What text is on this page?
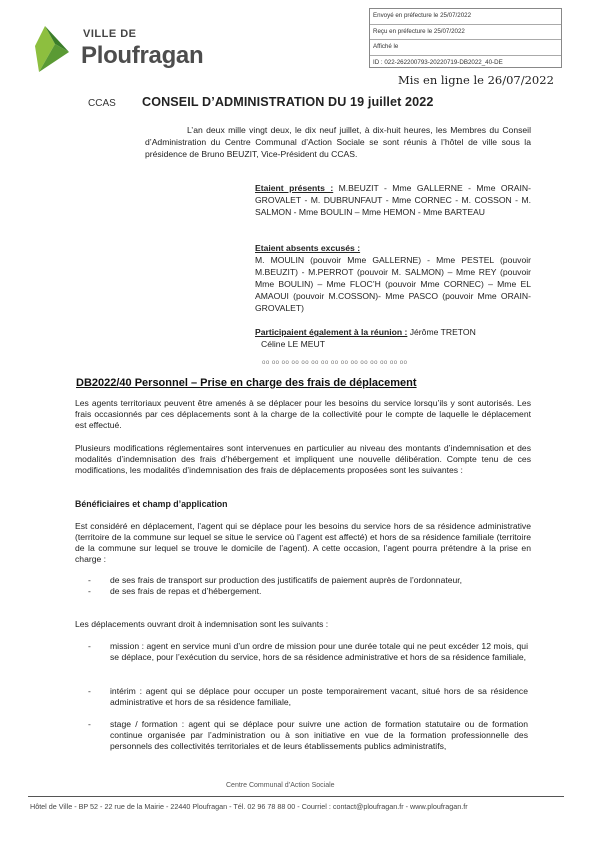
VILLE DE
Ploufragan
Envoyé en préfecture le 25/07/2022
Reçu en préfecture le 25/07/2022
Affiché le
ID : 022-262200793-20220719-DB2022_40-DE
Mis en ligne le 26/07/2022
CCAS CONSEIL D’ADMINISTRATION DU 19 juillet 2022

L’an deux mille vingt deux, le dix neuf juillet, à dix-huit heures, les Membres du Conseil d’Administration du Centre Communal d’Action Sociale se sont réunis à l’hôtel de ville sous la présidence de Bruno BEUZIT, Vice-Président du CCAS.

Etaient présents : M.BEUZIT - Mme GALLERNE - Mme ORAIN-GROVALET - M. DUBRUNFAUT - Mme CORNEC - M. COSSON - M. SALMON - Mme BOULIN – Mme HEMON - Mme BARTEAU
Etaient absents excusés :
M. MOULIN (pouvoir Mme GALLERNE) - Mme PESTEL (pouvoir M.BEUZIT) - M.PERROT (pouvoir M. SALMON) – Mme REY (pouvoir Mme BOULIN) – Mme FLOC’H (pouvoir Mme CORNEC) – Mme EL AMAOUI (pouvoir M.COSSON)- Mme PASCO (pouvoir Mme ORAIN-GROVALET)
Participaient également à la réunion : Jérôme TRETON
Céline LE MEUT
oo oo oo oo oo oo oo oo oo oo oo oo oo oo oo
DB2022/40 Personnel – Prise en charge des frais de déplacement

Les agents territoriaux peuvent être amenés à se déplacer pour les besoins du service lorsqu’ils y sont autorisés. Les frais occasionnés par ces déplacements sont à la charge de la collectivité pour le compte de laquelle le déplacement est effectué.

Plusieurs modifications réglementaires sont intervenues en particulier au niveau des montants d’indemnisation et des modalités d’indemnisation des frais d’hébergement et impliquent une nouvelle délibération. Compte tenu de ces modifications, les modalités d’indemnisation des frais de déplacements proposées sont les suivantes :

Bénéficiaires et champ d’application

Est considéré en déplacement, l’agent qui se déplace pour les besoins du service hors de sa résidence administrative (territoire de la commune sur lequel se situe le service où l’agent est affecté) et hors de sa résidence familiale (territoire de la commune sur lequel se trouve le domicile de l’agent). A cette occasion, l’agent pourra prétendre à la prise en charge :

- de ses frais de transport sur production des justificatifs de paiement auprès de l’ordonnateur,
- de ses frais de repas et d’hébergement.

Les déplacements ouvrant droit à indemnisation sont les suivants :

- mission : agent en service muni d’un ordre de mission pour une durée totale qui ne peut excéder 12 mois, qui se déplace, pour l’exécution du service, hors de sa résidence administrative et hors de sa résidence familiale,
- intérim : agent qui se déplace pour occuper un poste temporairement vacant, situé hors de sa résidence administrative et hors de sa résidence familiale,
- stage / formation : agent qui se déplace pour suivre une action de formation statutaire ou de formation continue organisée par l’administration ou à son initiative en vue de la formation professionnelle des personnels des collectivités territoriales et de leurs établissements publics administratifs,
Centre Communal d’Action Sociale
Hôtel de Ville - BP 52 - 22 rue de la Mairie - 22440 Ploufragan - Tél. 02 96 78 88 00 - Courriel : contact@ploufragan.fr - www.ploufragan.fr
